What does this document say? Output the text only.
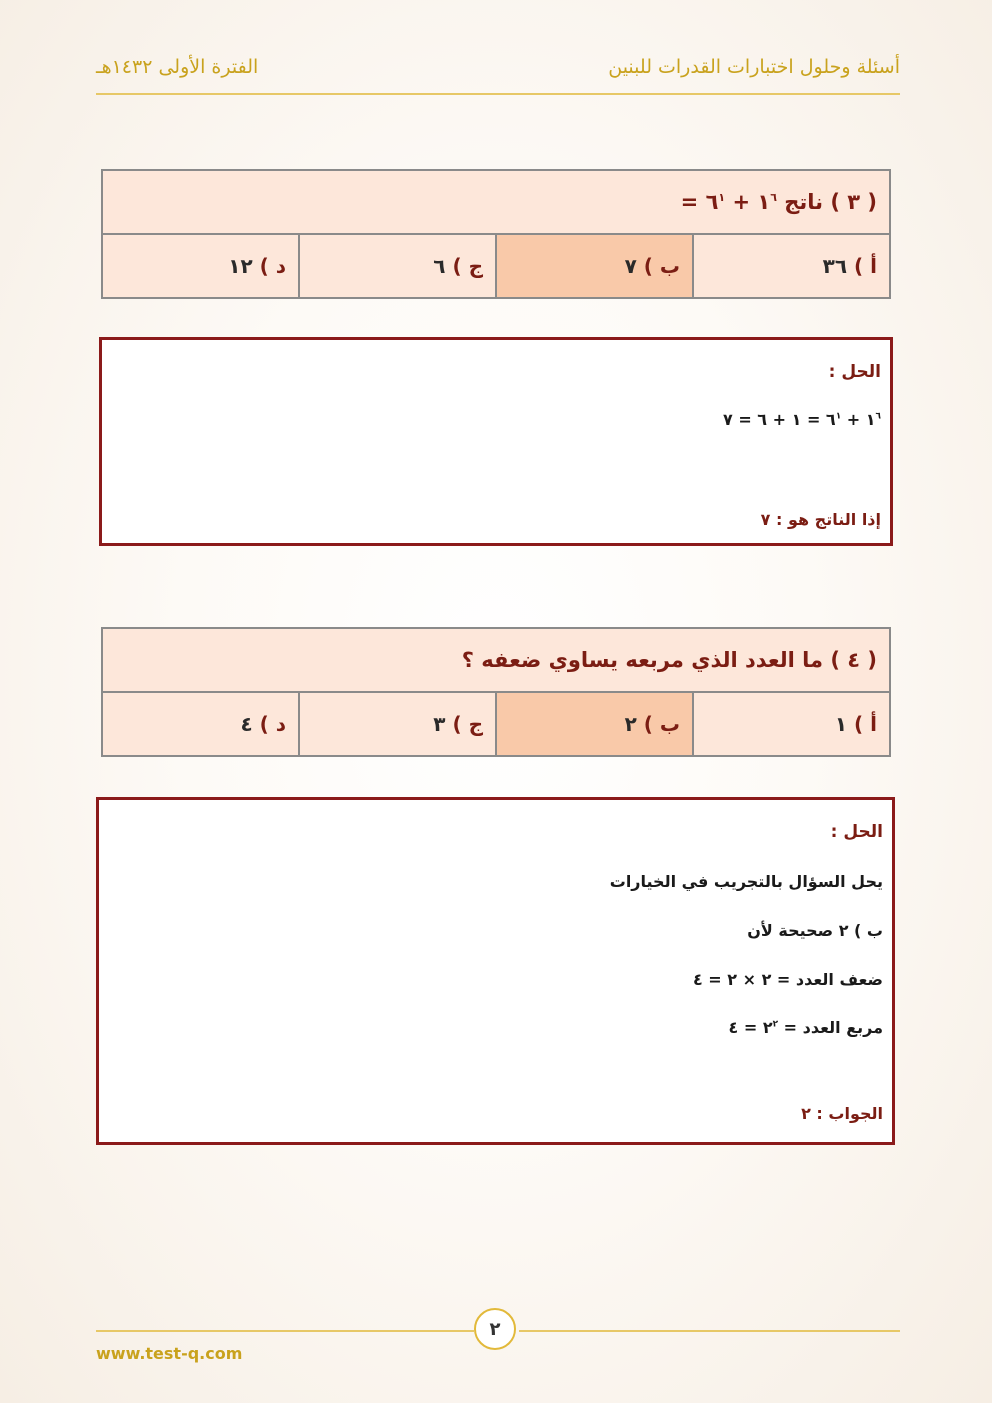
أسئلة وحلول اختبارات القدرات للبنين
الفترة الأولى ١٤٣٢هـ
( ٣ ) ناتج $١^٦$ + $٦^١$ =
أ ) ٣٦	ب ) ٧	ج ) ٦	د ) ١٢
الحل :
$١^٦$ + $٦^١$ = ١ + ٦ = ٧
إذا الناتج هو : ٧
( ٤ ) ما العدد الذي مربعه يساوي ضعفه ؟
أ ) ١	ب ) ٢	ج ) ٣	د ) ٤
الحل :
يحل السؤال بالتجريب في الخيارات
ب ) ٢ صحيحة لأن
ضعف العدد = ٢ × ٢ = ٤
مربع العدد = $٢^٢$ = ٤
الجواب : ٢
٢
www.test-q.com
